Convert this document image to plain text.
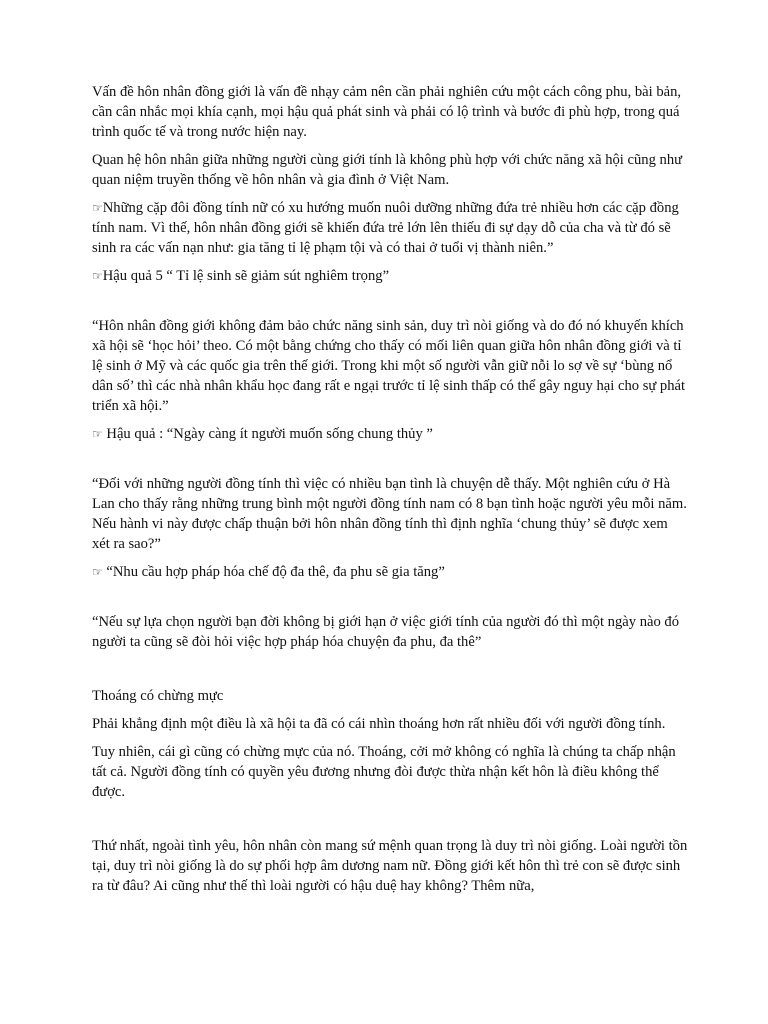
Vấn đề hôn nhân đồng giới là vấn đề nhạy cảm nên cần phải nghiên cứu một cách công phu, bài bản, cần cân nhắc mọi khía cạnh, mọi hậu quả phát sinh và phải có lộ trình và bước đi phù hợp, trong quá trình quốc tế và trong nước hiện nay.

Quan hệ hôn nhân giữa những người cùng giới tính là không phù hợp với chức năng xã hội cũng như quan niệm truyền thống về hôn nhân và gia đình ở Việt Nam.

☞Những cặp đôi đồng tính nữ có xu hướng muốn nuôi dưỡng những đứa trẻ nhiều hơn các cặp đồng tính nam. Vì thế, hôn nhân đồng giới sẽ khiến đứa trẻ lớn lên thiếu đi sự dạy dỗ của cha và từ đó sẽ sinh ra các vấn nạn như: gia tăng tỉ lệ phạm tội và có thai ở tuổi vị thành niên.”

☞Hậu quả 5 “ Tỉ lệ sinh sẽ giảm sút nghiêm trọng”

“Hôn nhân đồng giới không đảm bảo chức năng sinh sản, duy trì nòi giống và do đó nó khuyến khích xã hội sẽ ‘học hỏi’ theo. Có một bằng chứng cho thấy có mối liên quan giữa hôn nhân đồng giới và tỉ lệ sinh ở Mỹ và các quốc gia trên thế giới. Trong khi một số người vẫn giữ nỗi lo sợ về sự ‘bùng nổ dân số’ thì các nhà nhân khẩu học đang rất e ngại trước tỉ lệ sinh thấp có thể gây nguy hại cho sự phát triển xã hội.”

☞ Hậu quả : “Ngày càng ít người muốn sống chung thủy ”

“Đối với những người đồng tính thì việc có nhiều bạn tình là chuyện dễ thấy. Một nghiên cứu ở Hà Lan cho thấy rằng những trung bình một người đồng tính nam có 8 bạn tình hoặc người yêu mỗi năm. Nếu hành vi này được chấp thuận bởi hôn nhân đồng tính thì định nghĩa ‘chung thủy’ sẽ được xem xét ra sao?”

☞ “Nhu cầu hợp pháp hóa chế độ đa thê, đa phu sẽ gia tăng”

“Nếu sự lựa chọn người bạn đời không bị giới hạn ở việc giới tính của người đó thì một ngày nào đó người ta cũng sẽ đòi hỏi việc hợp pháp hóa chuyện đa phu, đa thê”

Thoáng có chừng mực

Phải khẳng định một điều là xã hội ta đã có cái nhìn thoáng hơn rất nhiều đối với người đồng tính.

Tuy nhiên, cái gì cũng có chừng mực của nó. Thoáng, cởi mở không có nghĩa là chúng ta chấp nhận tất cả. Người đồng tính có quyền yêu đương nhưng đòi được thừa nhận kết hôn là điều không thể được.

Thứ nhất, ngoài tình yêu, hôn nhân còn mang sứ mệnh quan trọng là duy trì nòi giống. Loài người tồn tại, duy trì nòi giống là do sự phối hợp âm dương nam nữ. Đồng giới kết hôn thì trẻ con sẽ được sinh ra từ đâu? Ai cũng như thế thì loài người có hậu duệ hay không? Thêm nữa,
